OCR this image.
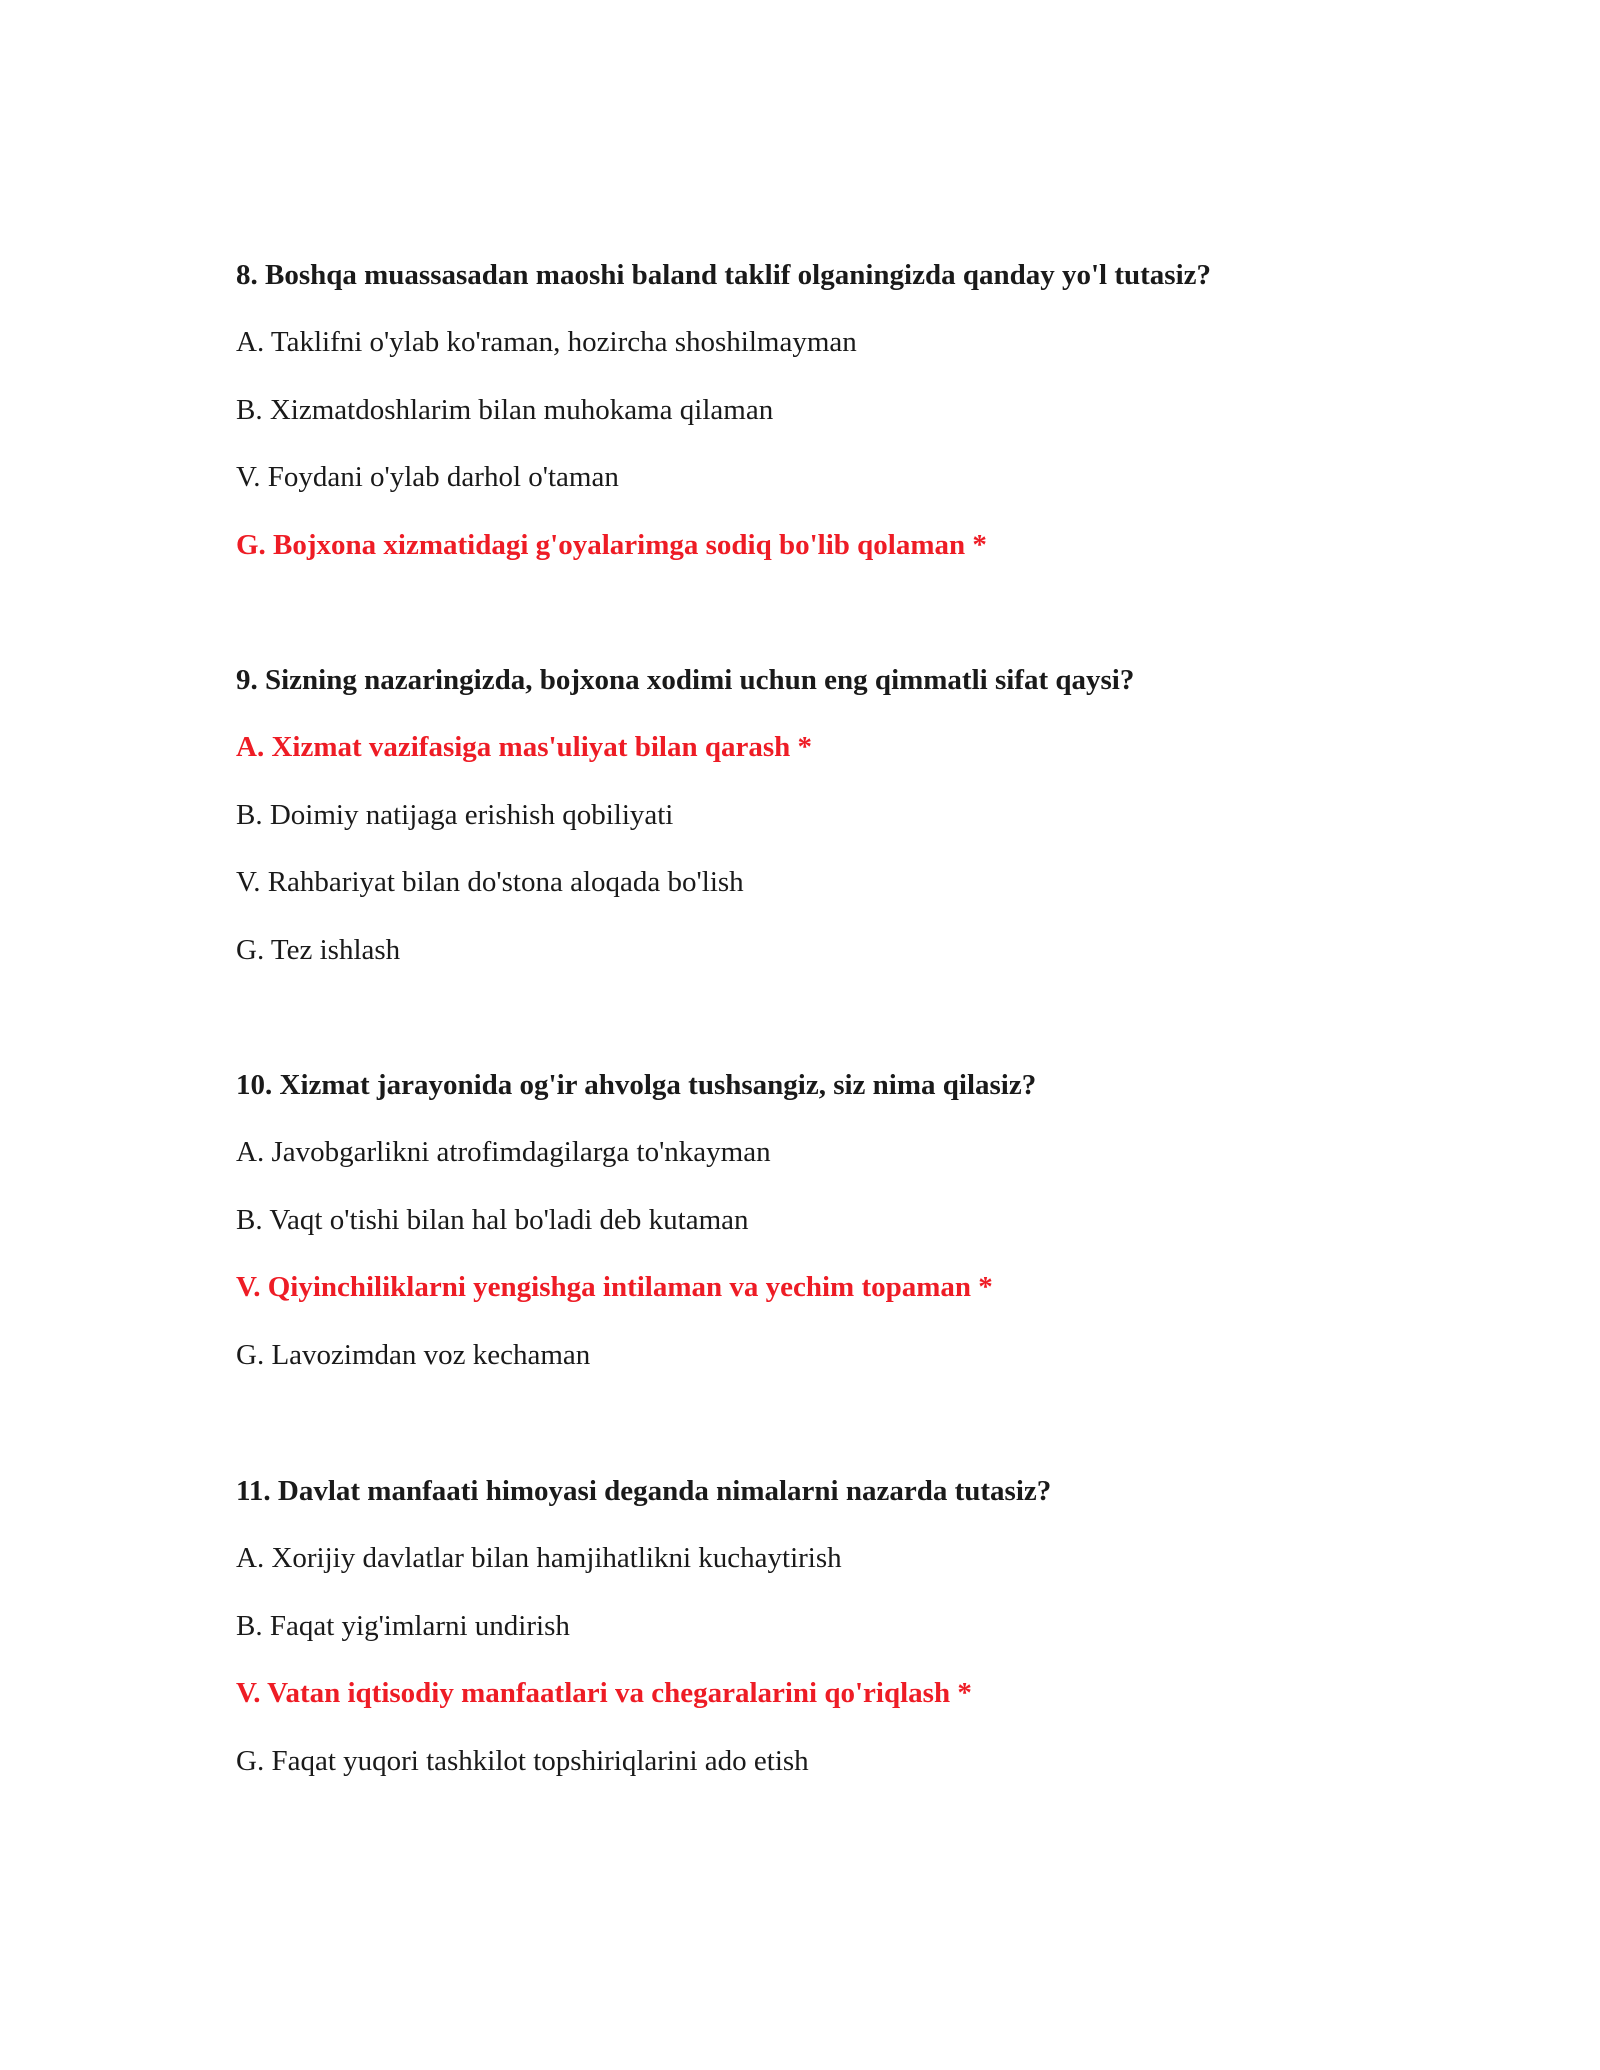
8. Boshqa muassasadan maoshi baland taklif olganingizda qanday yo'l tutasiz?
A. Taklifni o'ylab ko'raman, hozircha shoshilmayman
B. Xizmatdoshlarim bilan muhokama qilaman
V. Foydani o'ylab darhol o'taman
G. Bojxona xizmatidagi g'oyalarimga sodiq bo'lib qolaman *
9. Sizning nazaringizda, bojxona xodimi uchun eng qimmatli sifat qaysi?
A. Xizmat vazifasiga mas'uliyat bilan qarash *
B. Doimiy natijaga erishish qobiliyati
V. Rahbariyat bilan do'stona aloqada bo'lish
G. Tez ishlash
10. Xizmat jarayonida og'ir ahvolga tushsangiz, siz nima qilasiz?
A. Javobgarlikni atrofimdagilarga to'nkayman
B. Vaqt o'tishi bilan hal bo'ladi deb kutaman
V. Qiyinchiliklarni yengishga intilaman va yechim topaman *
G. Lavozimdan voz kechaman
11. Davlat manfaati himoyasi deganda nimalarni nazarda tutasiz?
A. Xorijiy davlatlar bilan hamjihatlikni kuchaytirish
B. Faqat yig'imlarni undirish
V. Vatan iqtisodiy manfaatlari va chegaralarini qo'riqlash *
G. Faqat yuqori tashkilot topshiriqlarini ado etish
